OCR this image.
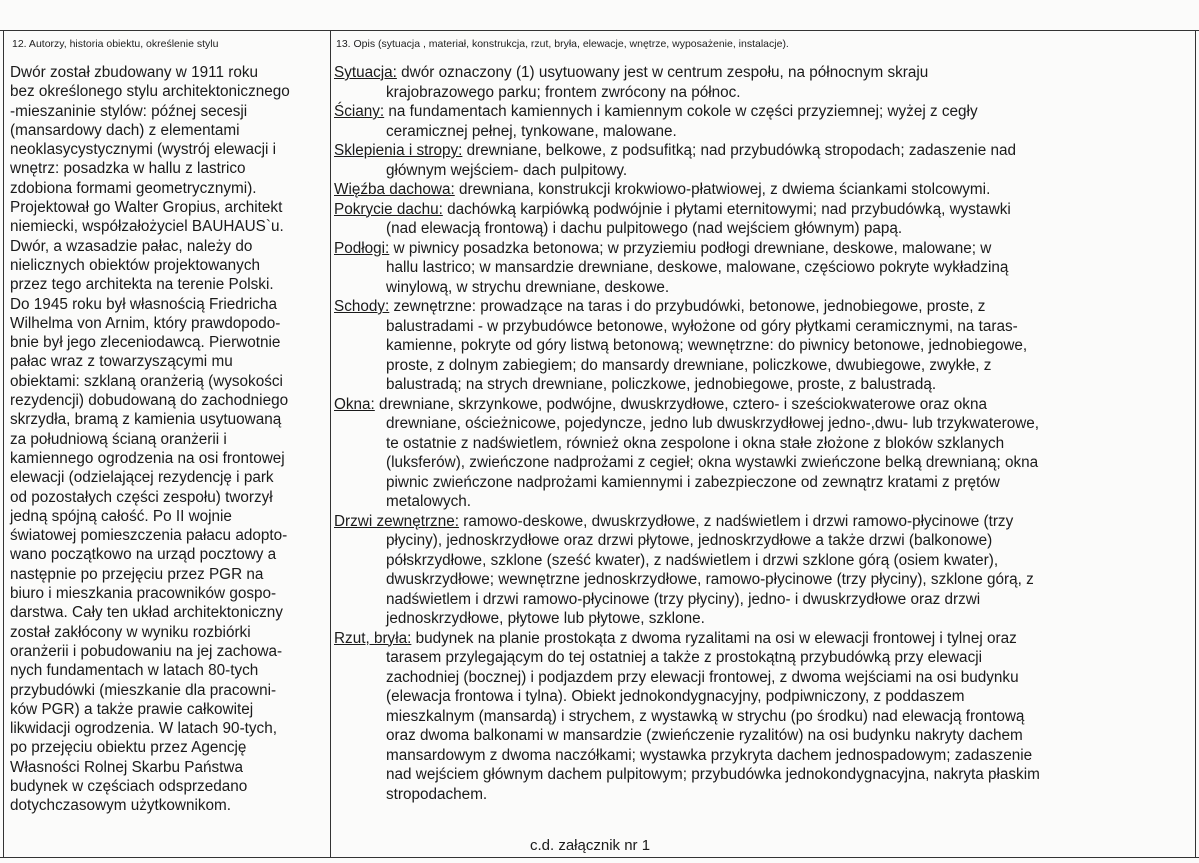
12. Autorzy, historia obiektu, określenie stylu	13. Opis (sytuacja , materiał, konstrukcja, rzut, bryła, elewacje, wnętrze, wyposażenie, instalacje).
Dwór został zbudowany w 1911 roku
bez określonego stylu architektonicznego
-mieszaninie stylów: późnej secesji
(mansardowy dach) z elementami
neoklasycystycznymi (wystrój elewacji i
wnętrz: posadzka w hallu z lastrico
zdobiona formami geometrycznymi).
Projektował go Walter Gropius, architekt
niemiecki, współzałożyciel BAUHAUS`u.
Dwór, a wzasadzie pałac, należy do
nielicznych obiektów projektowanych
przez tego architekta na terenie Polski.
Do 1945 roku był własnością Friedricha
Wilhelma von Arnim, który prawdopodo-
bnie był jego zleceniodawcą. Pierwotnie
pałac wraz z towarzyszącymi mu
obiektami: szklaną oranżerią (wysokości
rezydencji) dobudowaną do zachodniego
skrzydła, bramą z kamienia usytuowaną
za południową ścianą oranżerii i
kamiennego ogrodzenia na osi frontowej
elewacji (odzielającej rezydencję i park
od pozostałych części zespołu) tworzył
jedną spójną całość. Po II wojnie
światowej pomieszczenia pałacu adopto-
wano początkowo na urząd pocztowy a
następnie po przejęciu przez PGR na
biuro i mieszkania pracowników gospo-
darstwa. Cały ten układ architektoniczny
został zakłócony w wyniku rozbiórki
oranżerii i pobudowaniu na jej zachowa-
nych fundamentach w latach 80-tych
przybudówki (mieszkanie dla pracowni-
ków PGR) a także prawie całkowitej
likwidacji ogrodzenia. W latach 90-tych,
po przejęciu obiektu przez Agencję
Własności Rolnej Skarbu Państwa
budynek w częściach odsprzedano
dotychczasowym użytkownikom.
Sytuacja: dwór oznaczony (1) usytuowany jest w centrum zespołu, na północnym skraju
krajobrazowego parku; frontem zwrócony na północ.
Ściany: na fundamentach kamiennych i kamiennym cokole w części przyziemnej; wyżej z cegły
ceramicznej pełnej, tynkowane, malowane.
Sklepienia i stropy: drewniane, belkowe, z podsufitką; nad przybudówką stropodach; zadaszenie nad
głównym wejściem- dach pulpitowy.
Więźba dachowa: drewniana, konstrukcji krokwiowo-płatwiowej, z dwiema ściankami stolcowymi.
Pokrycie dachu: dachówką karpiówką podwójnie i płytami eternitowymi; nad przybudówką, wystawki
(nad elewacją frontową) i dachu pulpitowego (nad wejściem głównym) papą.
Podłogi: w piwnicy posadzka betonowa; w przyziemiu podłogi drewniane, deskowe, malowane; w
hallu lastrico; w mansardzie drewniane, deskowe, malowane, częściowo pokryte wykładziną
winylową, w strychu drewniane, deskowe.
Schody: zewnętrzne: prowadzące na taras i do przybudówki, betonowe, jednobiegowe, proste, z
balustradami - w przybudówce betonowe, wyłożone od góry płytkami ceramicznymi, na taras-
kamienne, pokryte od góry listwą betonową; wewnętrzne: do piwnicy betonowe, jednobiegowe,
proste, z dolnym zabiegiem; do mansardy drewniane, policzkowe, dwubiegowe, zwykłe, z
balustradą; na strych drewniane, policzkowe, jednobiegowe, proste, z balustradą.
Okna: drewniane, skrzynkowe, podwójne, dwuskrzydłowe, cztero- i sześciokwaterowe oraz okna
drewniane, ościeżnicowe, pojedyncze, jedno lub dwuskrzydłowej jedno-,dwu- lub trzykwaterowe,
te ostatnie z nadświetlem, również okna zespolone i okna stałe złożone z bloków szklanych
(luksferów), zwieńczone nadprożami z cegieł; okna wystawki zwieńczone belką drewnianą; okna
piwnic zwieńczone nadprożami kamiennymi i zabezpieczone od zewnątrz kratami z prętów
metalowych.
Drzwi zewnętrzne: ramowo-deskowe, dwuskrzydłowe, z nadświetlem i drzwi ramowo-płycinowe (trzy
płyciny), jednoskrzydłowe oraz drzwi płytowe, jednoskrzydłowe a także drzwi (balkonowe)
półskrzydłowe, szklone (sześć kwater), z nadświetlem i drzwi szklone górą (osiem kwater),
dwuskrzydłowe; wewnętrzne jednoskrzydłowe, ramowo-płycinowe (trzy płyciny), szklone górą, z
nadświetlem i drzwi ramowo-płycinowe (trzy płyciny), jedno- i dwuskrzydłowe oraz drzwi
jednoskrzydłowe, płytowe lub płytowe, szklone.
Rzut, bryła: budynek na planie prostokąta z dwoma ryzalitami na osi w elewacji frontowej i tylnej oraz
tarasem przylegającym do tej ostatniej a także z prostokątną przybudówką przy elewacji
zachodniej (bocznej) i podjazdem przy elewacji frontowej, z dwoma wejściami na osi budynku
(elewacja frontowa i tylna). Obiekt jednokondygnacyjny, podpiwniczony, z poddaszem
mieszkalnym (mansardą) i strychem, z wystawką w strychu (po środku) nad elewacją frontową
oraz dwoma balkonami w mansardzie (zwieńczenie ryzalitów) na osi budynku nakryty dachem
mansardowym z dwoma naczółkami; wystawka przykryta dachem jednospadowym; zadaszenie
nad wejściem głównym dachem pulpitowym; przybudówka jednokondygnacyjna, nakryta płaskim
stropodachem.
c.d. załącznik nr 1
